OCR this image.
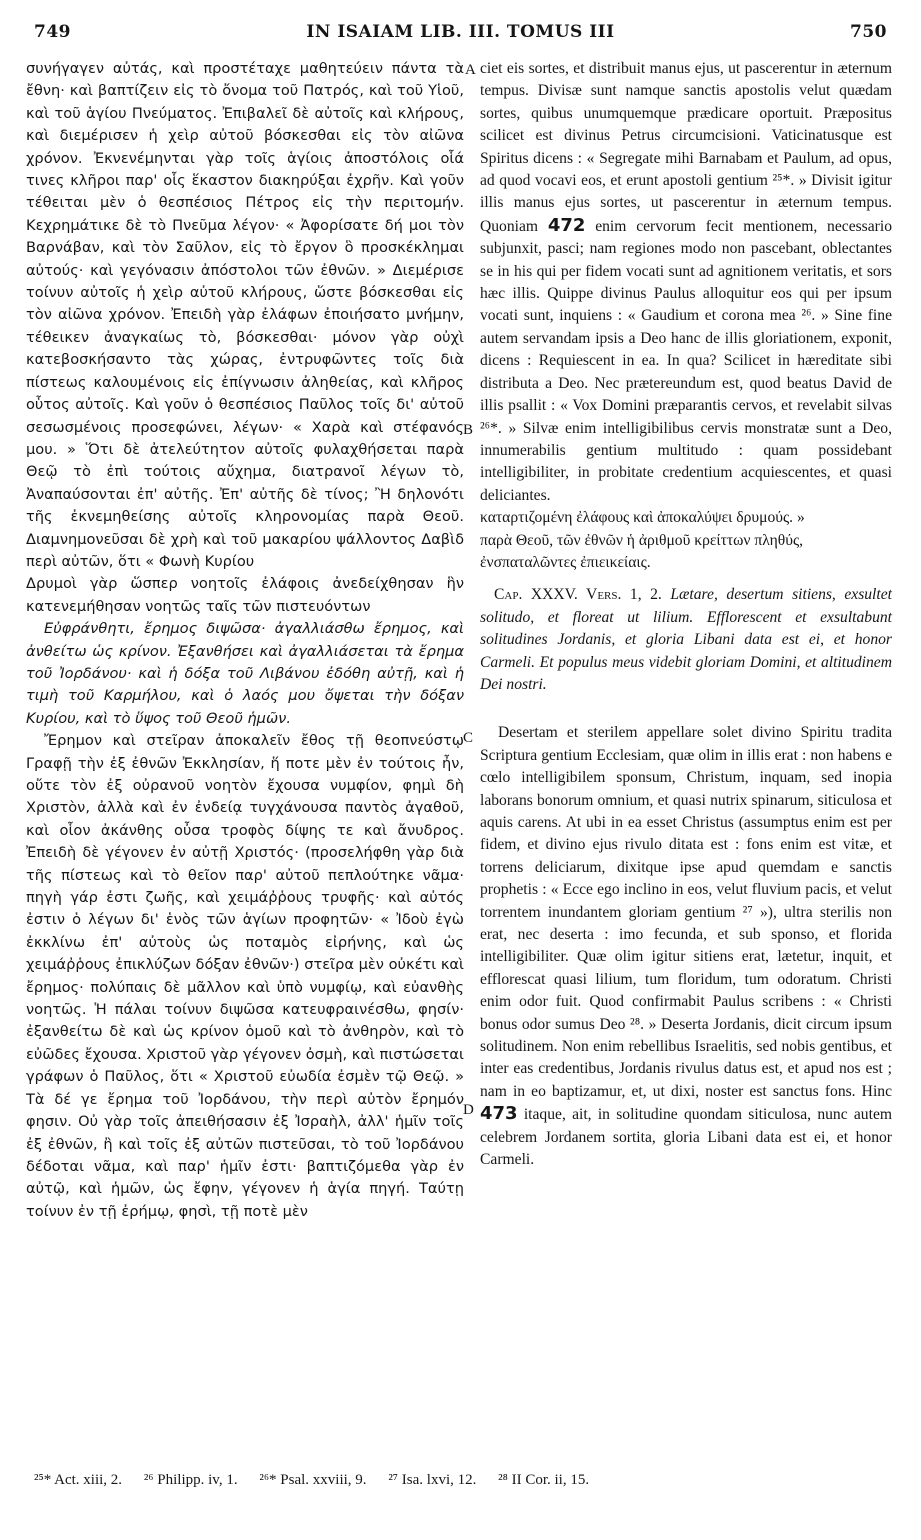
749	IN ISAIAM LIB. III. TOMUS III	750
A
B
C
D

συνήγαγεν αὐτάς, καὶ προστέταχε μαθητεύειν πάντα τὰ ἔθνη· καὶ βαπτίζειν εἰς τὸ ὄνομα τοῦ Πατρός, καὶ τοῦ Υἱοῦ, καὶ τοῦ ἁγίου Πνεύματος. Ἐπιβαλεῖ δὲ αὐτοῖς καὶ κλήρους, καὶ διεμέρισεν ἡ χεὶρ αὐτοῦ βόσκεσθαι εἰς τὸν αἰῶνα χρόνον. Ἐκνενέμηνται γὰρ τοῖς ἁγίοις ἀποστόλοις οἷά τινες κλῆροι παρ' οἷς ἕκαστον διακηρύξαι ἐχρῆν. Καὶ γοῦν τέθειται μὲν ὁ θεσπέσιος Πέτρος εἰς τὴν περιτομήν. Κεχρημάτικε δὲ τὸ Πνεῦμα λέγον· « Ἀφορίσατε δή μοι τὸν Βαρνάβαν, καὶ τὸν Σαῦλον, εἰς τὸ ἔργον ὃ προσκέκλημαι αὐτούς· καὶ γεγόνασιν ἀπόστολοι τῶν ἐθνῶν. » Διεμέρισε τοίνυν αὐτοῖς ἡ χεὶρ αὐτοῦ κλήρους, ὥστε βόσκεσθαι εἰς τὸν αἰῶνα χρόνον. Ἐπειδὴ γὰρ ἐλάφων ἐποιήσατο μνήμην, τέθεικεν ἀναγκαίως τὸ, βόσκεσθαι· μόνον γὰρ οὐχὶ κατεβοσκήσαντο τὰς χώρας, ἐντρυφῶντες τοῖς διὰ πίστεως καλουμένοις εἰς ἐπίγνωσιν ἀληθείας, καὶ κλῆρος οὗτος αὐτοῖς. Καὶ γοῦν ὁ θεσπέσιος Παῦλος τοῖς δι' αὐτοῦ σεσωσμένοις προσεφώνει, λέγων· « Χαρὰ καὶ στέφανός μου. » Ὅτι δὲ ἀτελεύτητον αὐτοῖς φυλαχθήσεται παρὰ Θεῷ τὸ ἐπὶ τούτοις αὔχημα, διατρανοῖ λέγων τὸ, Ἀναπαύσονται ἐπ' αὐτῆς. Ἐπ' αὐτῆς δὲ τίνος; Ἢ δηλονότι τῆς ἐκνεμηθείσης αὐτοῖς κληρονομίας παρὰ Θεοῦ. Διαμνημονεῦσαι δὲ χρὴ καὶ τοῦ μακαρίου ψάλλοντος Δαβὶδ περὶ αὐτῶν, ὅτι « Φωνὴ Κυρίου

Δρυμοὶ γὰρ ὥσπερ νοητοῖς ἐλάφοις ἀνεδείχθησαν ἣν κατενεμήθησαν νοητῶς ταῖς τῶν πιστευόντων

Εὐφράνθητι, ἔρημος διψῶσα· ἀγαλλιάσθω ἔρημος, καὶ ἀνθείτω ὡς κρίνον. Ἐξανθήσει καὶ ἀγαλλιάσεται τὰ ἔρημα τοῦ Ἰορδάνου· καὶ ἡ δόξα τοῦ Λιβάνου ἐδόθη αὐτῇ, καὶ ἡ τιμὴ τοῦ Καρμήλου, καὶ ὁ λαός μου ὄψεται τὴν δόξαν Κυρίου, καὶ τὸ ὕψος τοῦ Θεοῦ ἡμῶν.

Ἔρημον καὶ στεῖραν ἀποκαλεῖν ἔθος τῇ θεοπνεύστῳ Γραφῇ τὴν ἐξ ἐθνῶν Ἐκκλησίαν, ἥ ποτε μὲν ἐν τούτοις ἦν, οὔτε τὸν ἐξ οὐρανοῦ νοητὸν ἔχουσα νυμφίον, φημὶ δὴ Χριστὸν, ἀλλὰ καὶ ἐν ἐνδείᾳ τυγχάνουσα παντὸς ἀγαθοῦ, καὶ οἷον ἀκάνθης οὖσα τροφὸς δίψης τε καὶ ἄνυδρος. Ἐπειδὴ δὲ γέγονεν ἐν αὐτῇ Χριστός· (προσελήφθη γὰρ διὰ τῆς πίστεως καὶ τὸ θεῖον παρ' αὐτοῦ πεπλούτηκε νᾶμα· πηγὴ γάρ ἐστι ζωῆς, καὶ χειμάῤῥους τρυφῆς· καὶ αὐτός ἐστιν ὁ λέγων δι' ἑνὸς τῶν ἁγίων προφητῶν· « Ἰδοὺ ἐγὼ ἐκκλίνω ἐπ' αὐτοὺς ὡς ποταμὸς εἰρήνης, καὶ ὡς χειμάῤῥους ἐπικλύζων δόξαν ἐθνῶν·) στεῖρα μὲν οὐκέτι καὶ ἔρημος· πολύπαις δὲ μᾶλλον καὶ ὑπὸ νυμφίῳ, καὶ εὐανθὴς νοητῶς. Ἡ πάλαι τοίνυν διψῶσα κατευφραινέσθω, φησίν· ἐξανθείτω δὲ καὶ ὡς κρίνον ὁμοῦ καὶ τὸ ἀνθηρὸν, καὶ τὸ εὐῶδες ἔχουσα. Χριστοῦ γὰρ γέγονεν ὀσμὴ, καὶ πιστώσεται γράφων ὁ Παῦλος, ὅτι « Χριστοῦ εὐωδία ἐσμὲν τῷ Θεῷ. » Τὰ δέ γε ἔρημα τοῦ Ἰορδάνου, τὴν περὶ αὐτὸν ἔρημόν φησιν. Οὐ γὰρ τοῖς ἀπειθήσασιν ἐξ Ἰσραὴλ, ἀλλ' ἡμῖν τοῖς ἐξ ἐθνῶν, ἢ καὶ τοῖς ἐξ αὐτῶν πιστεῦσαι, τὸ τοῦ Ἰορδάνου δέδοται νᾶμα, καὶ παρ' ἡμῖν ἐστι· βαπτιζόμεθα γὰρ ἐν αὐτῷ, καὶ ἡμῶν, ὡς ἔφην, γέγονεν ἡ ἁγία πηγή. Ταύτῃ τοίνυν ἐν τῇ ἐρήμῳ, φησὶ, τῇ ποτὲ μὲν

ciet eis sortes, et distribuit manus ejus, ut pascerentur in æternum tempus. Divisæ sunt namque sanctis apostolis velut quædam sortes, quibus unumquemque prædicare oportuit. Præpositus scilicet est divinus Petrus circumcisioni. Vaticinatusque est Spiritus dicens : « Segregate mihi Barnabam et Paulum, ad opus, ad quod vocavi eos, et erunt apostoli gentium ²⁵*. » Divisit igitur illis manus ejus sortes, ut pascerentur in æternum tempus. Quoniam 472 enim cervorum fecit mentionem, necessario subjunxit, pasci; nam regiones modo non pascebant, oblectantes se in his qui per fidem vocati sunt ad agnitionem veritatis, et sors hæc illis. Quippe divinus Paulus alloquitur eos qui per ipsum vocati sunt, inquiens : « Gaudium et corona mea ²⁶. » Sine fine autem servandam ipsis a Deo hanc de illis gloriationem, exponit, dicens : Requiescent in ea. In qua? Scilicet in hæreditate sibi distributa a Deo. Nec prætereundum est, quod beatus David de illis psallit : « Vox Domini præparantis cervos, et revelabit silvas ²⁶*. » Silvæ enim intelligibilibus cervis monstratæ sunt a Deo, innumerabilis gentium multitudo : quam possidebant intelligibiliter, in probitate credentium acquiescentes, et quasi deliciantes.

καταρτιζομένη ἐλάφους καὶ ἀποκαλύψει δρυμούς. »

παρὰ Θεοῦ, τῶν ἐθνῶν ἡ ἀριθμοῦ κρείττων πληθύς,

ἐνσπαταλῶντες ἐπιεικείαις.

Cap. XXXV. Vers. 1, 2. Lætare, desertum sitiens, exsultet solitudo, et floreat ut lilium. Efflorescent et exsultabunt solitudines Jordanis, et gloria Libani data est ei, et honor Carmeli. Et populus meus videbit gloriam Domini, et altitudinem Dei nostri.

Desertam et sterilem appellare solet divino Spiritu tradita Scriptura gentium Ecclesiam, quæ olim in illis erat : non habens e cœlo intelligibilem sponsum, Christum, inquam, sed inopia laborans bonorum omnium, et quasi nutrix spinarum, siticulosa et aquis carens. At ubi in ea esset Christus (assumptus enim est per fidem, et divino ejus rivulo ditata est : fons enim est vitæ, et torrens deliciarum, dixitque ipse apud quemdam e sanctis prophetis : « Ecce ego inclino in eos, velut fluvium pacis, et velut torrentem inundantem gloriam gentium ²⁷ »), ultra sterilis non erat, nec deserta : imo fecunda, et sub sponso, et florida intelligibiliter. Quæ olim igitur sitiens erat, lætetur, inquit, et efflorescat quasi lilium, tum floridum, tum odoratum. Christi enim odor fuit. Quod confirmabit Paulus scribens : « Christi bonus odor sumus Deo ²⁸. » Deserta Jordanis, dicit circum ipsum solitudinem. Non enim rebellibus Israelitis, sed nobis gentibus, et inter eas credentibus, Jordanis rivulus datus est, et apud nos est ; nam in eo baptizamur, et, ut dixi, noster est sanctus fons. Hinc 473 itaque, ait, in solitudine quondam siticulosa, nunc autem celebrem Jordanem sortita, gloria Libani data est ei, et honor Carmeli.

²⁵* Act. xiii, 2. ²⁶ Philipp. iv, 1. ²⁶* Psal. xxviii, 9. ²⁷ Isa. lxvi, 12. ²⁸ II Cor. ii, 15.
